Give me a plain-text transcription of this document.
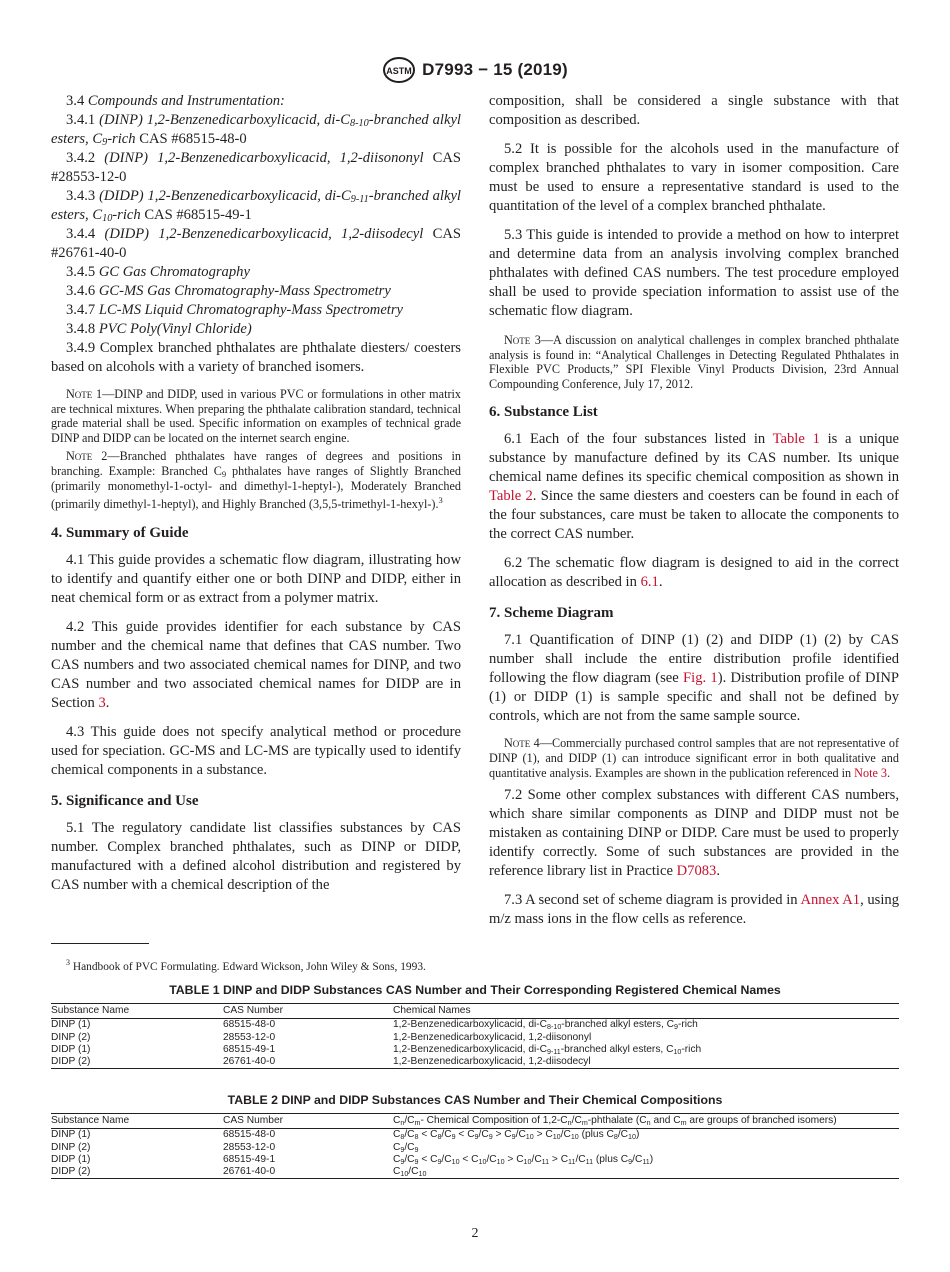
ASTM D7993 − 15 (2019)

3.4 Compounds and Instrumentation:

3.4.1 (DINP) 1,2-Benzenedicarboxylicacid, $di-C_{8-10}$-branched alkyl esters, $C_9$-rich CAS #68515-48-0

3.4.2 (DINP) 1,2-Benzenedicarboxylicacid, 1,2-diisononyl CAS #28553-12-0

3.4.3 (DIDP) 1,2-Benzenedicarboxylicacid, $di-C_{9-11}$-branched alkyl esters, $C_{10}$-rich CAS #68515-49-1

3.4.4 (DIDP) 1,2-Benzenedicarboxylicacid, 1,2-diisodecyl CAS #26761-40-0

3.4.5 GC Gas Chromatography

3.4.6 GC-MS Gas Chromatography-Mass Spectrometry

3.4.7 LC-MS Liquid Chromatography-Mass Spectrometry

3.4.8 PVC Poly(Vinyl Chloride)

3.4.9 Complex branched phthalates are phthalate diesters/ coesters based on alcohols with a variety of branched isomers.

Note 1—DINP and DIDP, used in various PVC or formulations in other matrix are technical mixtures. When preparing the phthalate calibration standard, technical grade material shall be used. Specific information on examples of technical grade DINP and DIDP can be located on the internet search engine.

Note 2—Branched phthalates have ranges of degrees and positions in branching. Example: Branched $C_9$ phthalates have ranges of Slightly Branched (primarily monomethyl-1-octyl- and dimethyl-1-heptyl-), Moderately Branched (primarily dimethyl-1-heptyl), and Highly Branched (3,5,5-trimethyl-1-hexyl-).$^3$

4. Summary of Guide

4.1 This guide provides a schematic flow diagram, illustrating how to identify and quantify either one or both DINP and DIDP, either in neat chemical form or as extract from a polymer matrix.

4.2 This guide provides identifier for each substance by CAS number and the chemical name that defines that CAS number. Two CAS numbers and two associated chemical names for DINP, and two CAS number and two associated chemical names for DIDP are in Section 3.

4.3 This guide does not specify analytical method or procedure used for speciation. GC-MS and LC-MS are typically used to identify chemical components in a substance.

5. Significance and Use

5.1 The regulatory candidate list classifies substances by CAS number. Complex branched phthalates, such as DINP or DIDP, manufactured with a defined alcohol distribution and registered by CAS number with a chemical description of the

$^3$ Handbook of PVC Formulating. Edward Wickson, John Wiley & Sons, 1993.

composition, shall be considered a single substance with that composition as described.

5.2 It is possible for the alcohols used in the manufacture of complex branched phthalates to vary in isomer composition. Care must be used to ensure a representative standard is used to the quantitation of the level of a complex branched phthalate.

5.3 This guide is intended to provide a method on how to interpret and determine data from an analysis involving complex branched phthalates with defined CAS numbers. The test procedure employed shall be used to provide speciation information to assist use of the schematic flow diagram.

Note 3—A discussion on analytical challenges in complex branched phthalate analysis is found in: “Analytical Challenges in Detecting Regulated Phthalates in Flexible PVC Products,” SPI Flexible Vinyl Products Division, 23rd Annual Compounding Conference, July 17, 2012.

6. Substance List

6.1 Each of the four substances listed in Table 1 is a unique substance by manufacture defined by its CAS number. Its unique chemical name defines its specific chemical composition as shown in Table 2. Since the same diesters and coesters can be found in each of the four substances, care must be taken to allocate the components to the correct CAS number.

6.2 The schematic flow diagram is designed to aid in the correct allocation as described in 6.1.

7. Scheme Diagram

7.1 Quantification of DINP (1) (2) and DIDP (1) (2) by CAS number shall include the entire distribution profile identified following the flow diagram (see Fig. 1). Distribution profile of DINP (1) or DIDP (1) is sample specific and shall not be defined by controls, which are not from the same sample source.

Note 4—Commercially purchased control samples that are not representative of DINP (1), and DIDP (1) can introduce significant error in both qualitative and quantitative analysis. Examples are shown in the publication referenced in Note 3.

7.2 Some other complex substances with different CAS numbers, which share similar components as DINP and DIDP must not be mistaken as containing DINP or DIDP. Care must be used to properly identify correctly. Some of such substances are provided in the reference library list in Practice D7083.

7.3 A second set of scheme diagram is provided in Annex A1, using m/z mass ions in the flow cells as reference.

TABLE 1 DINP and DIDP Substances CAS Number and Their Corresponding Registered Chemical Names
Substance Name	CAS Number	Chemical Names
DINP (1)	68515-48-0	1,2-Benzenedicarboxylicacid, $di-C_{8-10}$-branched alkyl esters, $C_9$-rich
DINP (2)	28553-12-0	1,2-Benzenedicarboxylicacid, 1,2-diisononyl
DIDP (1)	68515-49-1	1,2-Benzenedicarboxylicacid, $di-C_{9-11}$-branched alkyl esters, $C_{10}$-rich
DIDP (2)	26761-40-0	1,2-Benzenedicarboxylicacid, 1,2-diisodecyl
TABLE 2 DINP and DIDP Substances CAS Number and Their Chemical Compositions
Substance Name	CAS Number	$C_n/C_m-$ Chemical Composition of $1,2-C_n/C_m$-phthalate ($C_n$ and $C_m$ are groups of branched isomers)
DINP (1)	68515-48-0	$C_8/C_8 < C_8/C_9 < C_9/C_9 > C_9/C_{10} > C_{10}/C_{10}$ (plus $C_8/C_{10}$)
DINP (2)	28553-12-0	$C_9/C_9$
DIDP (1)	68515-49-1	$C_9/C_9 < C_9/C_{10} < C_{10}/C_{10} > C_{10}/C_{11} > C_{11}/C_{11}$ (plus $C_9/C_{11}$)
DIDP (2)	26761-40-0	$C_{10}/C_{10}$
2
